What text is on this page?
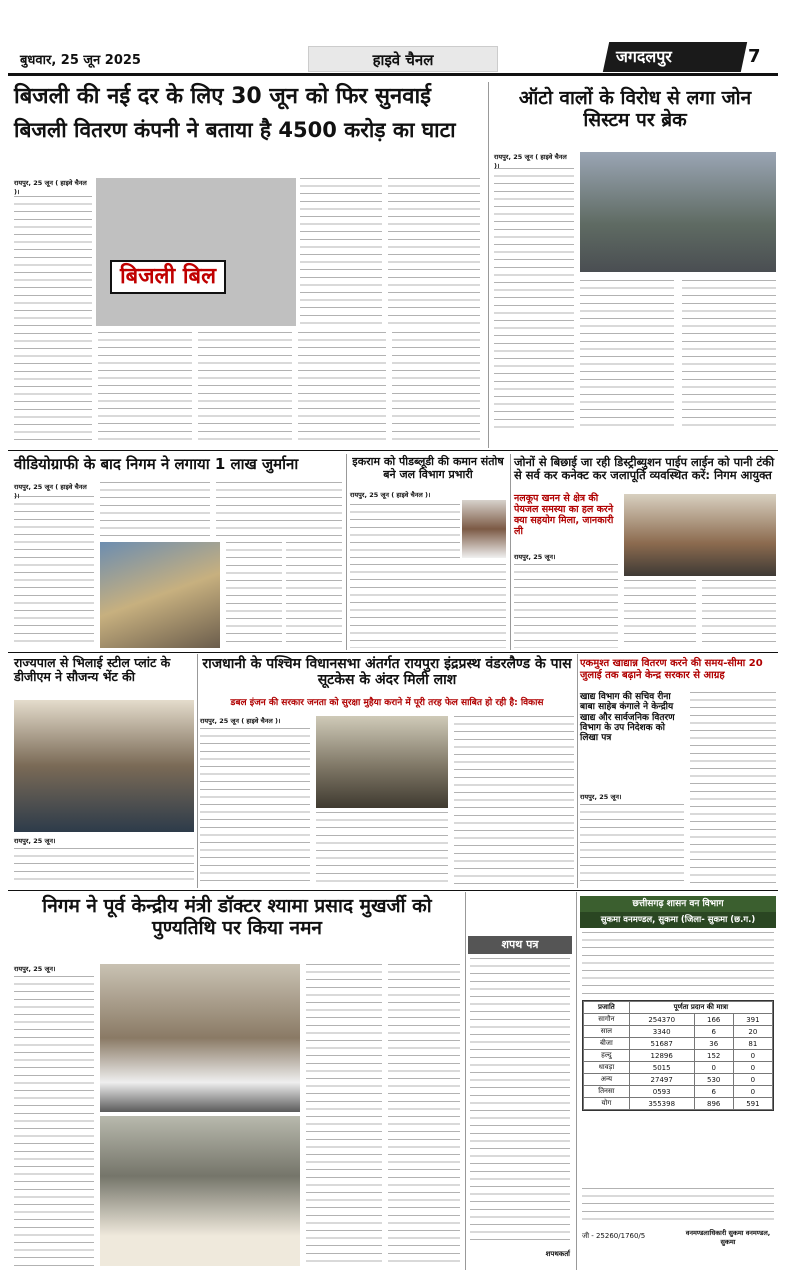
बुधवार, 25 जून 2025	हाइवे चैनल	जगदलपुर	7
बिजली की नई दर के लिए 30 जून को फिर सुनवाई
बिजली वितरण कंपनी ने बताया है 4500 करोड़ का घाटा
बिजली बिल
रायपुर, 25 जून ( हाइवे चैनल )।
ऑटो वालों के विरोध से लगा जोन सिस्टम पर ब्रेक
रायपुर, 25 जून ( हाइवे चैनल )।
वीडियोग्राफी के बाद निगम ने लगाया 1 लाख जुर्माना
रायपुर, 25 जून ( हाइवे चैनल )।
इकराम को पीडब्लूडी की कमान संतोष बने जल विभाग प्रभारी
रायपुर, 25 जून ( हाइवे चैनल )।
जोनों से बिछाई जा रही डिस्ट्रीब्युशन पाईप लाईन को पानी टंकी से सर्व कर कनेक्ट कर जलापूर्ति व्यवस्थित करें: निगम आयुक्त
नलकूप खनन से क्षेत्र की पेयजल समस्या का हल करने क्या सहयोग मिला, जानकारी ली
रायपुर, 25 जून।
राज्यपाल से भिलाई स्टील प्लांट के डीजीएम ने सौजन्य भेंट की
रायपुर, 25 जून।
राजधानी के पश्चिम विधानसभा अंतर्गत रायपुरा इंद्रप्रस्थ वंडरलैण्ड के पास सूटकेस के अंदर मिली लाश
डबल इंजन की सरकार जनता को सुरक्षा मुहैया कराने में पूरी तरह फेल साबित हो रही है: विकास
रायपुर, 25 जून ( हाइवे चैनल )।
एकमुश्त खाद्यान्न वितरण करने की समय-सीमा 20 जुलाई तक बढ़ाने केन्द्र सरकार से आग्रह
खाद्य विभाग की सचिव रीना बाबा साहेब कंगाले ने केन्द्रीय खाद्य और सार्वजनिक वितरण विभाग के उप निदेशक को लिखा पत्र
रायपुर, 25 जून।
निगम ने पूर्व केन्द्रीय मंत्री डॉक्टर श्यामा प्रसाद मुखर्जी को पुण्यतिथि पर किया नमन
रायपुर, 25 जून।
शपथ पत्र
शपथकर्ता
छत्तीसगढ़ शासन वन विभाग
सुकमा वनमण्डल, सुकमा (जिला- सुकमा (छ.ग.)
प्रजाति	पूर्णता प्रदान की मात्रा		
सागौन	254370	166	391
साल	3340	6	20
बीजा	51687	36	81
हल्दु	12896	152	0
धावड़ा	5015	0	0
अन्य	27497	530	0
तिनसा	0593	6	0
योग	355398	896	591
जी - 25260/1760/5	वनमण्डलाधिकारी सुकमा वनमण्डल, सुकमा
